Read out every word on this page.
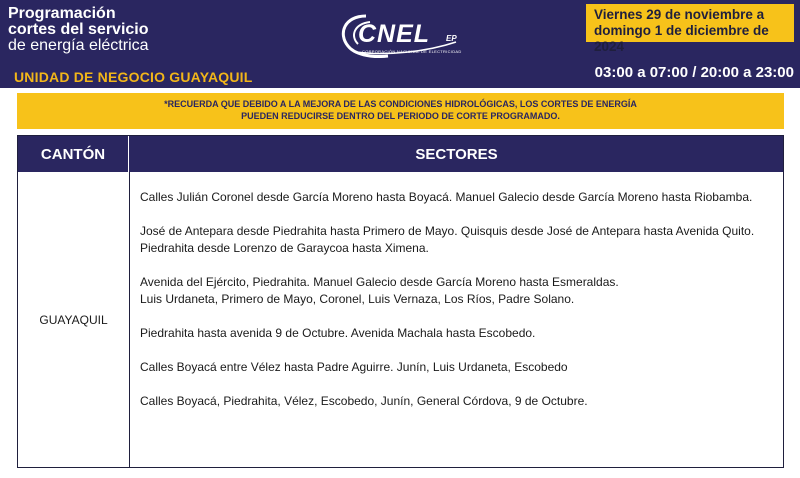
Programación
cortes del servicio
de energía eléctrica
UNIDAD DE NEGOCIO GUAYAQUIL
CNEL EP
CORPORACIÓN NACIONAL DE ELECTRICIDAD
Viernes 29 de noviembre a
domingo 1 de diciembre de 2024
03:00 a 07:00 / 20:00 a 23:00
*RECUERDA QUE DEBIDO A LA MEJORA DE LAS CONDICIONES HIDROLÓGICAS, LOS CORTES DE ENERGÍA
PUEDEN REDUCIRSE DENTRO DEL PERIODO DE CORTE PROGRAMADO.
CANTÓN	SECTORES
GUAYAQUIL

Calles Julián Coronel desde García Moreno hasta Boyacá. Manuel Galecio desde García Moreno hasta Riobamba.

José de Antepara desde Piedrahita hasta Primero de Mayo. Quisquis desde José de Antepara hasta Avenida Quito.
Piedrahita desde Lorenzo de Garaycoa hasta Ximena.

Avenida del Ejército, Piedrahita. Manuel Galecio desde García Moreno hasta Esmeraldas.
Luis Urdaneta, Primero de Mayo, Coronel, Luis Vernaza, Los Ríos, Padre Solano.

Piedrahita hasta avenida 9 de Octubre. Avenida Machala hasta Escobedo.

Calles Boyacá entre Vélez hasta Padre Aguirre. Junín, Luis Urdaneta, Escobedo

Calles Boyacá, Piedrahita, Vélez, Escobedo, Junín, General Córdova, 9 de Octubre.
